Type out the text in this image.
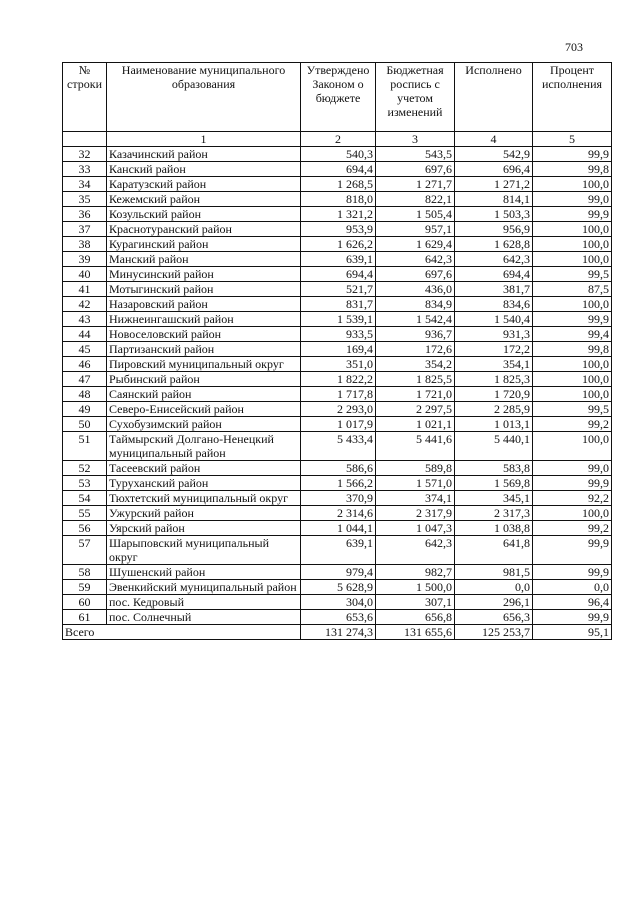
703
№ строки	Наименование муниципального образования	Утверждено Законом о бюджете	Бюджетная роспись с учетом изменений	Исполнено	Процент исполнения
	1	2	3	4	5
32	Казачинский район	540,3	543,5	542,9	99,9
33	Канский район	694,4	697,6	696,4	99,8
34	Каратузский район	1 268,5	1 271,7	1 271,2	100,0
35	Кежемский район	818,0	822,1	814,1	99,0
36	Козульский район	1 321,2	1 505,4	1 503,3	99,9
37	Краснотуранский район	953,9	957,1	956,9	100,0
38	Курагинский район	1 626,2	1 629,4	1 628,8	100,0
39	Манский район	639,1	642,3	642,3	100,0
40	Минусинский район	694,4	697,6	694,4	99,5
41	Мотыгинский район	521,7	436,0	381,7	87,5
42	Назаровский район	831,7	834,9	834,6	100,0
43	Нижнеингашский район	1 539,1	1 542,4	1 540,4	99,9
44	Новоселовский район	933,5	936,7	931,3	99,4
45	Партизанский район	169,4	172,6	172,2	99,8
46	Пировский муниципальный округ	351,0	354,2	354,1	100,0
47	Рыбинский район	1 822,2	1 825,5	1 825,3	100,0
48	Саянский район	1 717,8	1 721,0	1 720,9	100,0
49	Северо-Енисейский район	2 293,0	2 297,5	2 285,9	99,5
50	Сухобузимский район	1 017,9	1 021,1	1 013,1	99,2
51	Таймырский Долгано-Ненецкий муниципальный район	5 433,4	5 441,6	5 440,1	100,0
52	Тасеевский район	586,6	589,8	583,8	99,0
53	Туруханский район	1 566,2	1 571,0	1 569,8	99,9
54	Тюхтетский муниципальный округ	370,9	374,1	345,1	92,2
55	Ужурский район	2 314,6	2 317,9	2 317,3	100,0
56	Уярский район	1 044,1	1 047,3	1 038,8	99,2
57	Шарыповский муниципальный округ	639,1	642,3	641,8	99,9
58	Шушенский район	979,4	982,7	981,5	99,9
59	Эвенкийский муниципальный район	5 628,9	1 500,0	0,0	0,0
60	пос. Кедровый	304,0	307,1	296,1	96,4
61	пос. Солнечный	653,6	656,8	656,3	99,9
Всего		131 274,3	131 655,6	125 253,7	95,1
